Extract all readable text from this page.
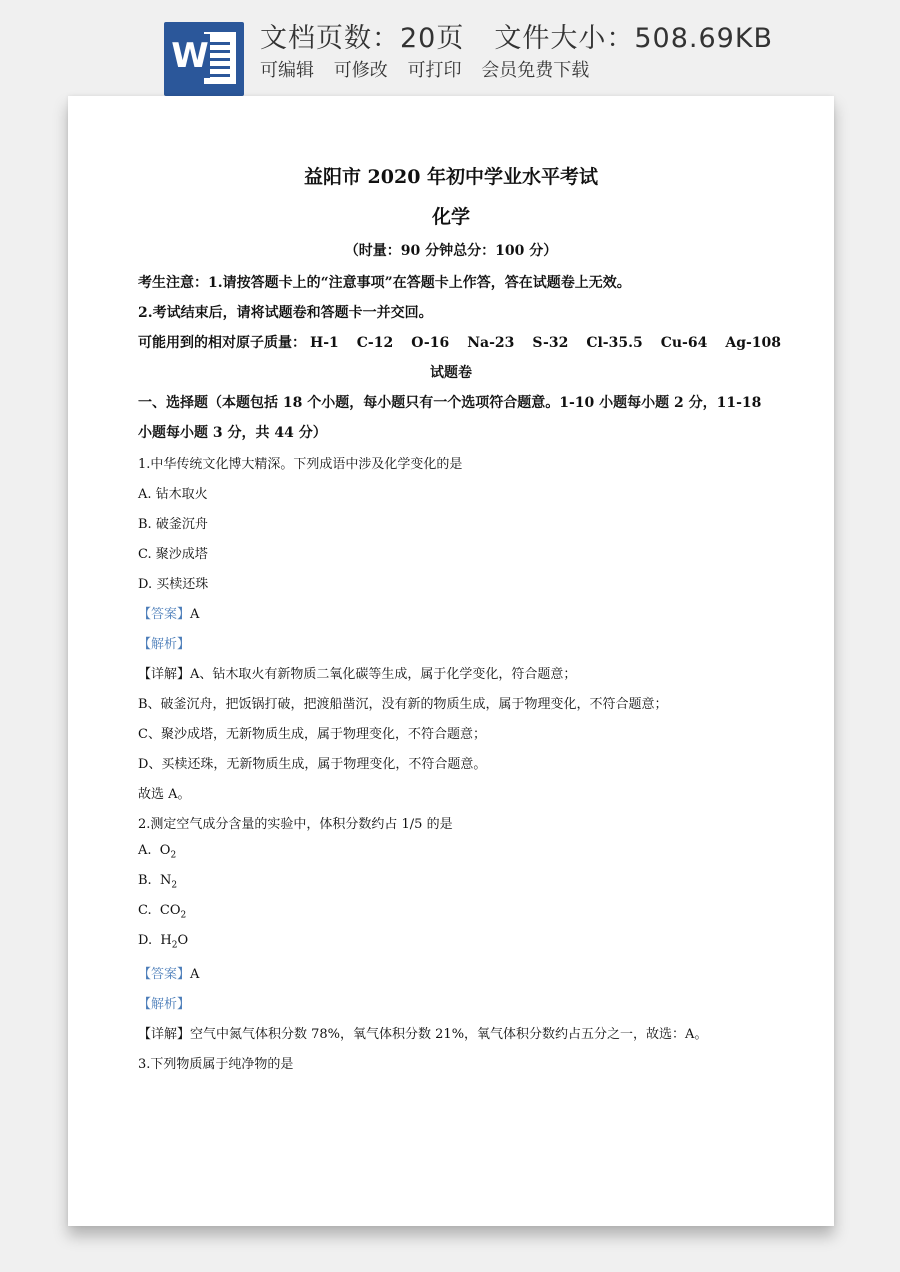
W 文档页数：20页 文件大小：508.69KB
可编辑 可修改 可打印 会员免费下载
益阳市 2020 年初中学业水平考试
化学
（时量：90 分钟总分：100 分）
考生注意：1.请按答题卡上的“注意事项”在答题卡上作答，答在试题卷上无效。
2.考试结束后，请将试题卷和答题卡一并交回。
可能用到的相对原子质量： H-1 C-12 O-16 Na-23 S-32 Cl-35.5 Cu-64 Ag-108
试题卷
一、选择题（本题包括 18 个小题，每小题只有一个选项符合题意。1-10 小题每小题 2 分，11-18
小题每小题 3 分，共 44 分）
1.中华传统文化博大精深。下列成语中涉及化学变化的是
A. 钻木取火
B. 破釜沉舟
C. 聚沙成塔
D. 买椟还珠
【答案】A
【解析】
【详解】A、钻木取火有新物质二氧化碳等生成，属于化学变化，符合题意；
B、破釜沉舟，把饭锅打破，把渡船凿沉，没有新的物质生成，属于物理变化，不符合题意；
C、聚沙成塔，无新物质生成，属于物理变化，不符合题意；
D、买椟还珠，无新物质生成，属于物理变化，不符合题意。
故选 A。
2.测定空气成分含量的实验中，体积分数约占 1/5 的是
A. $O_2$
B. $N_2$
C. $CO_2$
D. $H_2O$
【答案】A
【解析】
【详解】空气中氮气体积分数 78%，氧气体积分数 21%，氧气体积分数约占五分之一，故选：A。
3.下列物质属于纯净物的是
